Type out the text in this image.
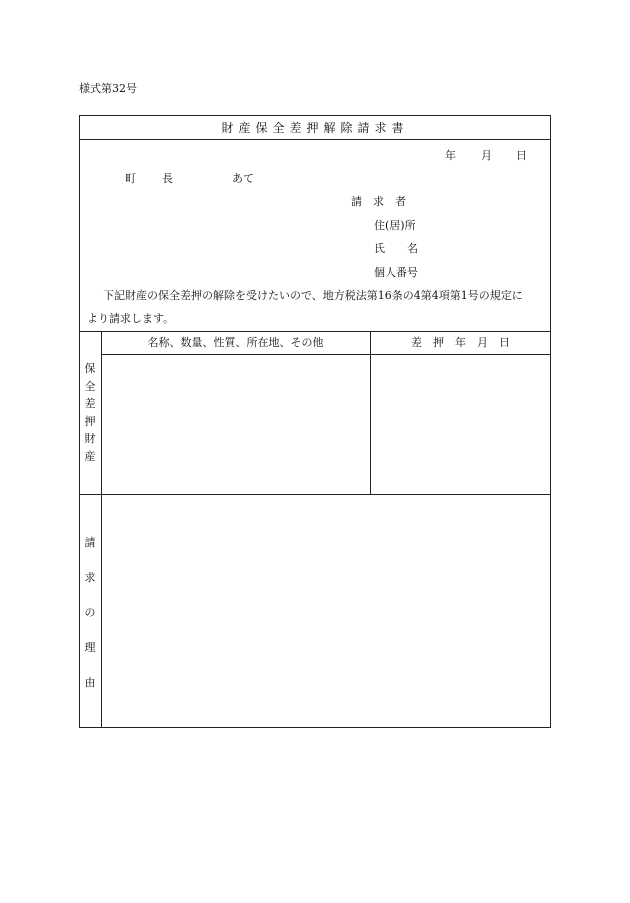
様式第32号
財産保全差押解除請求書
年 月 日
町 長	あて
請　求　者
住(居)所
氏　　名
個人番号
下記財産の保全差押の解除を受けたいので、地方税法第16条の4第4項第1号の規定に
より請求します。
保全差押財産
名称、数量、性質、所在地、その他	差　押　年　月　日
請求の理由
